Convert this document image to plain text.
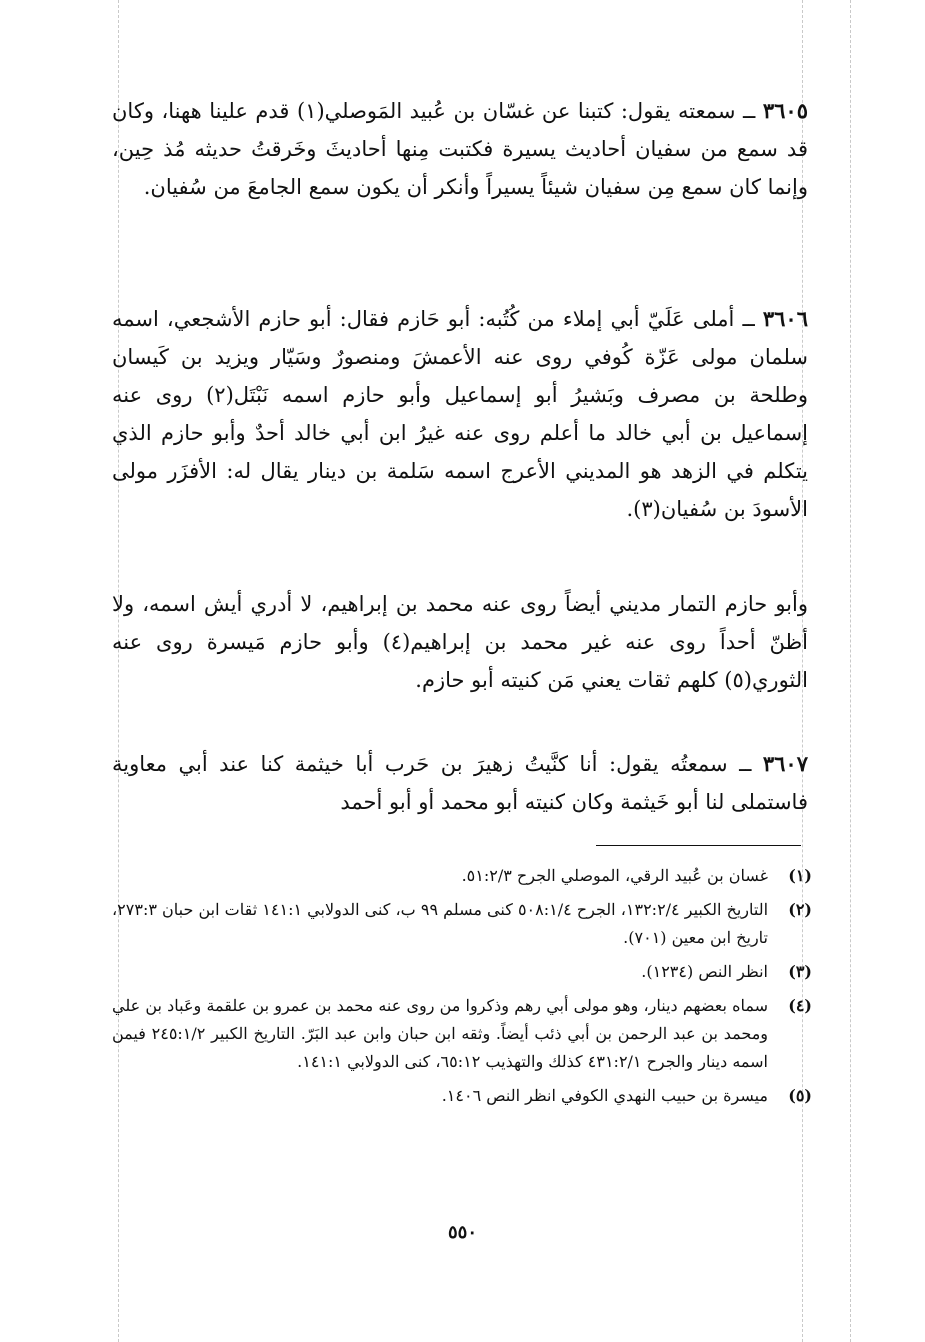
٣٦٠٥ ــ سمعته يقول: كتبنا عن غسّان بن عُبيد المَوصلي(١) قدم علينا ههنا، وكان قد سمع من سفيان أحاديث يسيرة فكتبت مِنها أحاديثَ وخَرقتُ حديثه مُذ حِين، وإنما كان سمع مِن سفيان شيئاً يسيراً وأنكر أن يكون سمع الجامعَ من سُفيان.

٣٦٠٦ ــ أملى عَلَيّ أبي إملاء من كُتُبه: أبو حَازم فقال: أبو حازم الأشجعي، اسمه سلمان مولى عَزّة كُوفي روى عنه الأعمشَ ومنصورٌ وسَيّار ويزيد بن كَيسان وطلحة بن مصرف وبَشيرُ أبو إسماعيل وأبو حازم اسمه نَبْتَل(٢) روى عنه إسماعيل بن أبي خالد ما أعلم روى عنه غيرُ ابن أبي خالد أحدٌ وأبو حازم الذي يتكلم في الزهد هو المديني الأعرج اسمه سَلمة بن دينار يقال له: الأفزَر مولى الأسودَ بن سُفيان(٣).

وأبو حازم التمار مديني أيضاً روى عنه محمد بن إبراهيم، لا أدري أيش اسمه، ولا أظنّ أحداً روى عنه غير محمد بن إبراهيم(٤) وأبو حازم مَيسرة روى عنه الثوري(٥) كلهم ثقات يعني مَن كنيته أبو حازم.

٣٦٠٧ ــ سمعتُه يقول: أنا كنَّيتُ زهيرَ بن حَرب أبا خيثمة كنا عند أبي معاوية فاستملى لنا أبو خَيثمة وكان كنيته أبو محمد أو أبو أحمد

(١)
غسان بن عُبيد الرقي، الموصلي الجرح ٥١:٢/٣.
(٢)
التاريخ الكبير ١٣٢:٢/٤، الجرح ٥٠٨:١/٤ كنى مسلم ٩٩ ب، كنى الدولابي ١٤١:١ ثقات ابن حبان ٢٧٣:٣، تاريخ ابن معين (٧٠١).
(٣)
انظر النص (١٢٣٤).
(٤)
سماه بعضهم دينار، وهو مولى أبي رهم وذكروا من روى عنه محمد بن عمرو بن علقمة وعَباد بن علي ومحمد بن عبد الرحمن بن أبي ذئب أيضاً. وثقه ابن حبان وابن عبد البَرّ. التاريخ الكبير ٢٤٥:١/٢ فيمن اسمه دينار والجرح ٤٣١:٢/١ كذلك والتهذيب ٦٥:١٢، كنى الدولابي ١٤١:١.
(٥)
ميسرة بن حبيب النهدي الكوفي انظر النص ١٤٠٦.
٥٥٠
